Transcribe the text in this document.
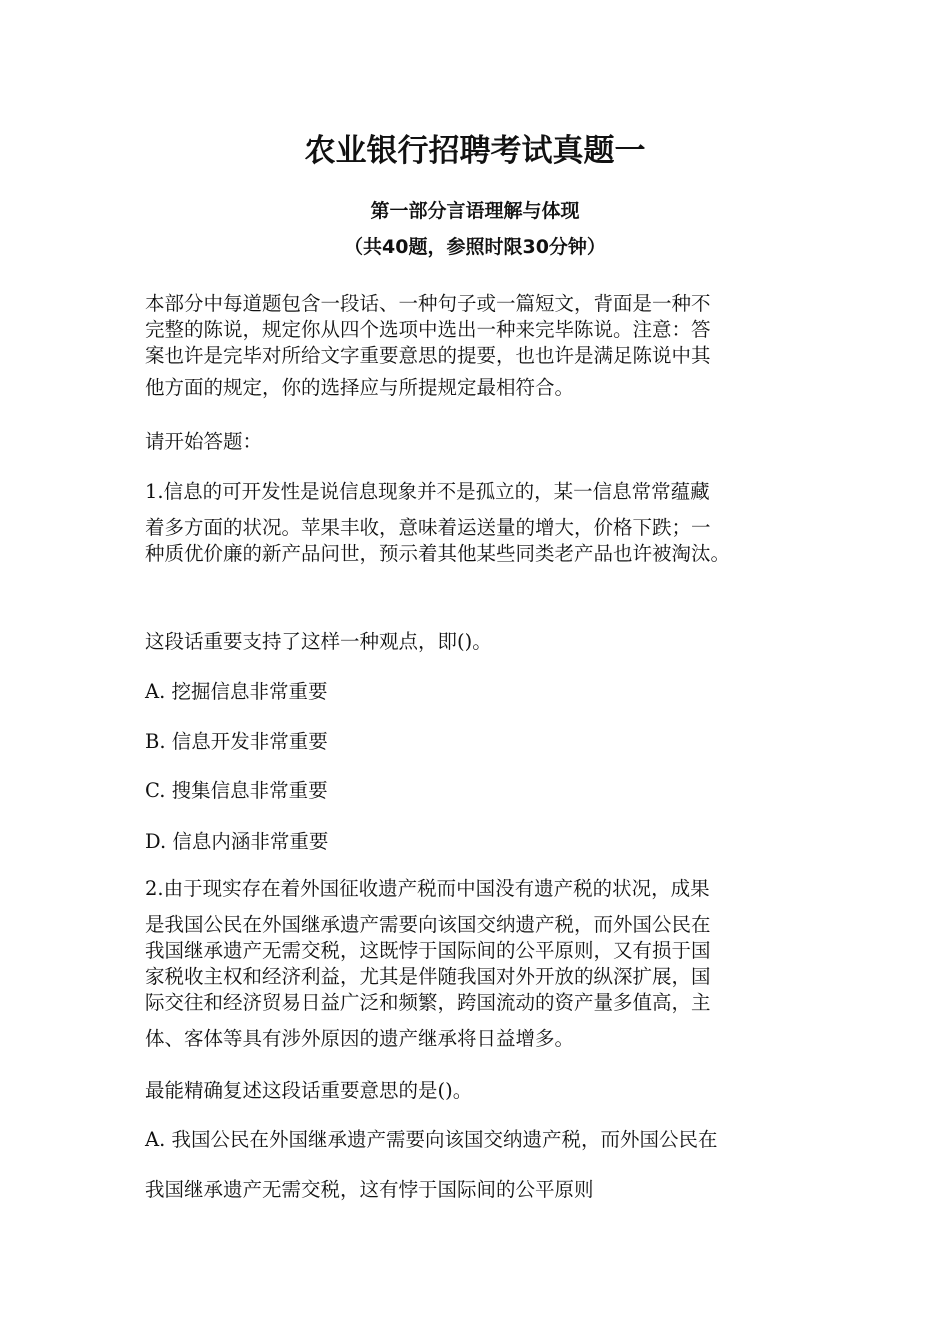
农业银行招聘考试真题一

第一部分言语理解与体现

（共40题，参照时限30分钟）

本部分中每道题包含一段话、一种句子或一篇短文，背面是一种不
完整的陈说，规定你从四个选项中选出一种来完毕陈说。注意：答
案也许是完毕对所给文字重要意思的提要，也也许是满足陈说中其
他方面的规定，你的选择应与所提规定最相符合。

请开始答题：

1.信息的可开发性是说信息现象并不是孤立的，某一信息常常蕴藏
着多方面的状况。苹果丰收，意味着运送量的增大，价格下跌；一
种质优价廉的新产品问世，预示着其他某些同类老产品也许被淘汰。

这段话重要支持了这样一种观点，即()。

A. 挖掘信息非常重要

B. 信息开发非常重要

C. 搜集信息非常重要

D. 信息内涵非常重要

2.由于现实存在着外国征收遗产税而中国没有遗产税的状况，成果
是我国公民在外国继承遗产需要向该国交纳遗产税，而外国公民在
我国继承遗产无需交税，这既悖于国际间的公平原则，又有损于国
家税收主权和经济利益，尤其是伴随我国对外开放的纵深扩展，国
际交往和经济贸易日益广泛和频繁，跨国流动的资产量多值高，主
体、客体等具有涉外原因的遗产继承将日益增多。

最能精确复述这段话重要意思的是()。

A. 我国公民在外国继承遗产需要向该国交纳遗产税，而外国公民在

我国继承遗产无需交税，这有悖于国际间的公平原则
